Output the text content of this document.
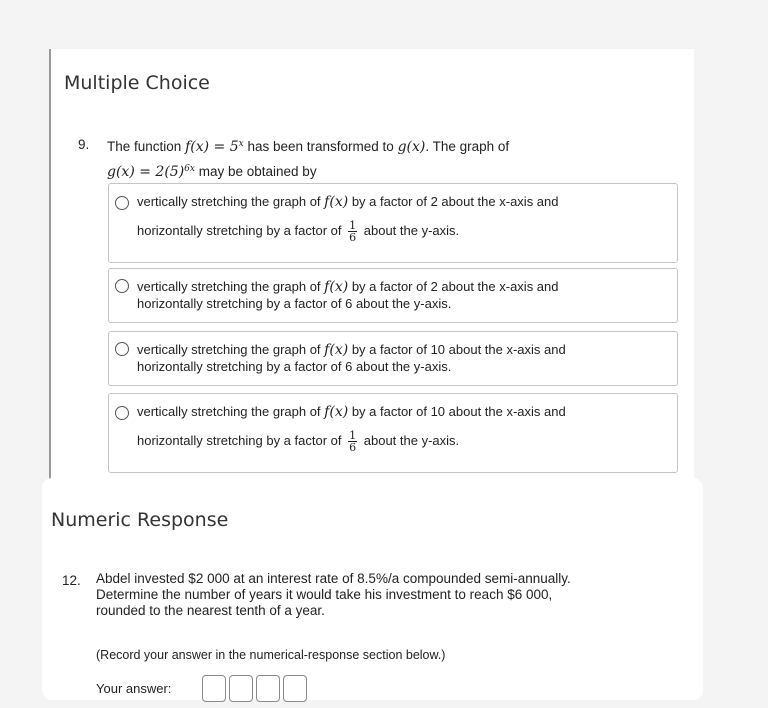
Multiple Choice
9. The function $f(x) = 5^x$ has been transformed to g(x). The graph of
$g(x) = 2(5)^{6x}$ may be obtained by
vertically stretching the graph of f(x) by a factor of 2 about the x-axis and
horizontally stretching by a factor of $\frac{1}{6}$ about the y-axis.
vertically stretching the graph of f(x) by a factor of 2 about the x-axis and
horizontally stretching by a factor of 6 about the y-axis.
vertically stretching the graph of f(x) by a factor of 10 about the x-axis and
horizontally stretching by a factor of 6 about the y-axis.
vertically stretching the graph of f(x) by a factor of 10 about the x-axis and
horizontally stretching by a factor of $\frac{1}{6}$ about the y-axis.
Numeric Response
12. Abdel invested $2 000 at an interest rate of 8.5%/a compounded semi-annually.
Determine the number of years it would take his investment to reach $6 000,
rounded to the nearest tenth of a year.
(Record your answer in the numerical-response section below.)
Your answer:
